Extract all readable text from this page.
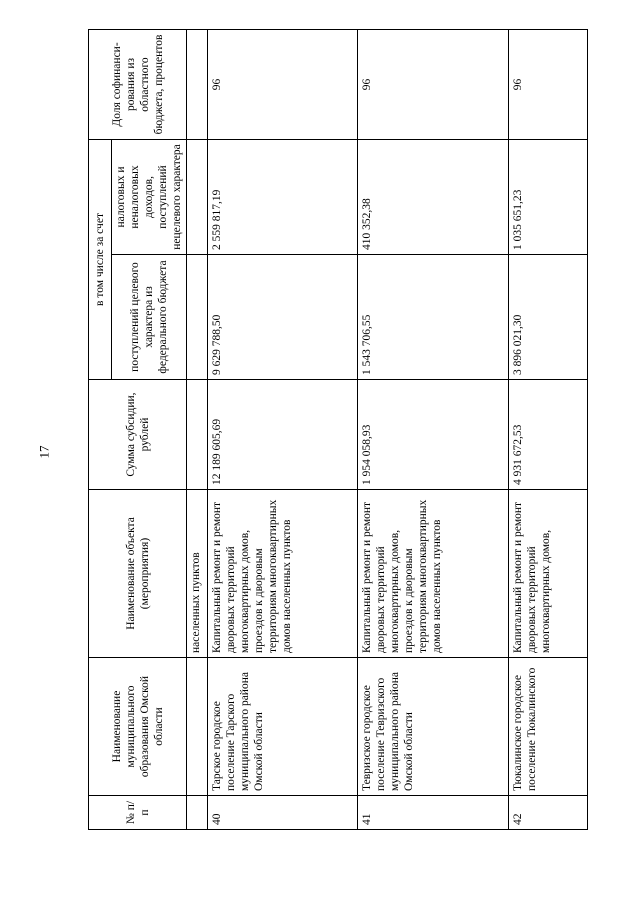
17
№ п/п	Наименование муниципального образования Омской области	Наименование объекта (мероприятия)	Сумма субсидии, рублей	в том числе за счет		Доля софинанси-рования из областного бюджета, процентов
				поступлений целевого характера из федерального бюджета	налоговых и неналоговых доходов, поступлений нецелевого характера	
		населенных пунктов				
40	Тарское городское поселение Тарского муниципального района Омской области	Капитальный ремонт и ремонт дворовых территорий многоквартирных домов, проездов к дворовым территориям многоквартирных домов населенных пунктов	12 189 605,69	9 629 788,50	2 559 817,19	96
41	Тевризское городское поселение Тевризского муниципального района Омской области	Капитальный ремонт и ремонт дворовых территорий многоквартирных домов, проездов к дворовым территориям многоквартирных домов населенных пунктов	1 954 058,93	1 543 706,55	410 352,38	96
42	Тюкалинское городское поселение Тюкалинского	Капитальный ремонт и ремонт дворовых территорий многоквартирных домов,	4 931 672,53	3 896 021,30	1 035 651,23	96
